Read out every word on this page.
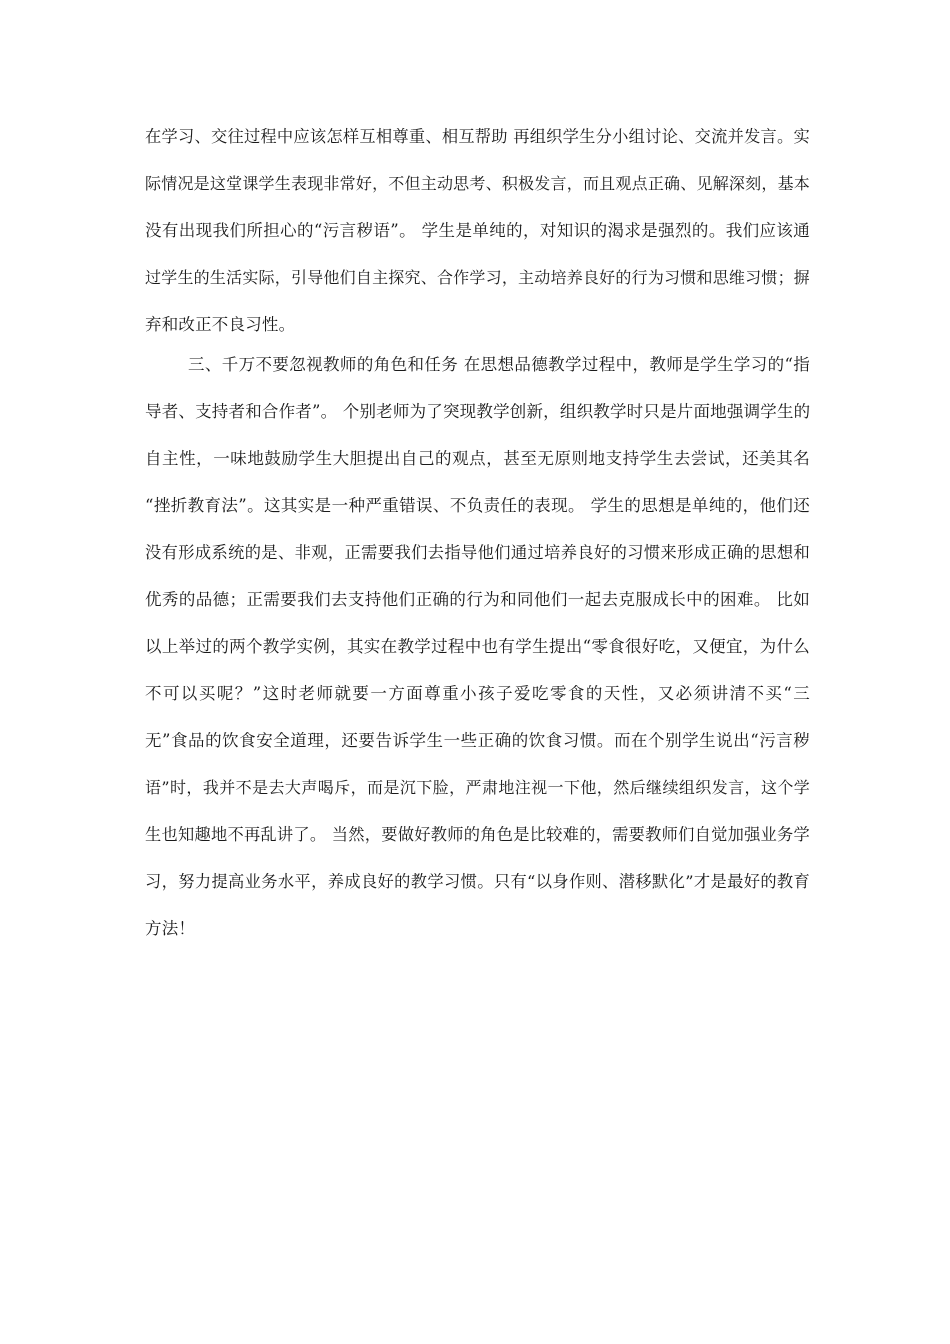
在学习、交往过程中应该怎样互相尊重、相互帮助 再组织学生分小组讨论、交流并发言。实
际情况是这堂课学生表现非常好，不但主动思考、积极发言，而且观点正确、见解深刻，基本
没有出现我们所担心的“污言秽语”。 学生是单纯的，对知识的渴求是强烈的。我们应该通
过学生的生活实际，引导他们自主探究、合作学习，主动培养良好的行为习惯和思维习惯；摒
弃和改正不良习性。
三、千万不要忽视教师的角色和任务 在思想品德教学过程中，教师是学生学习的“指
导者、支持者和合作者”。 个别老师为了突现教学创新，组织教学时只是片面地强调学生的
自主性，一味地鼓励学生大胆提出自己的观点，甚至无原则地支持学生去尝试，还美其名
“挫折教育法”。这其实是一种严重错误、不负责任的表现。 学生的思想是单纯的，他们还
没有形成系统的是、非观，正需要我们去指导他们通过培养良好的习惯来形成正确的思想和
优秀的品德；正需要我们去支持他们正确的行为和同他们一起去克服成长中的困难。 比如
以上举过的两个教学实例，其实在教学过程中也有学生提出“零食很好吃，又便宜，为什么
不可以买呢？”这时老师就要一方面尊重小孩子爱吃零食的天性，又必须讲清不买“三
无”食品的饮食安全道理，还要告诉学生一些正确的饮食习惯。而在个别学生说出“污言秽
语”时，我并不是去大声喝斥，而是沉下脸，严肃地注视一下他，然后继续组织发言，这个学
生也知趣地不再乱讲了。 当然，要做好教师的角色是比较难的，需要教师们自觉加强业务学
习，努力提高业务水平，养成良好的教学习惯。只有“以身作则、潜移默化”才是最好的教育
方法！
